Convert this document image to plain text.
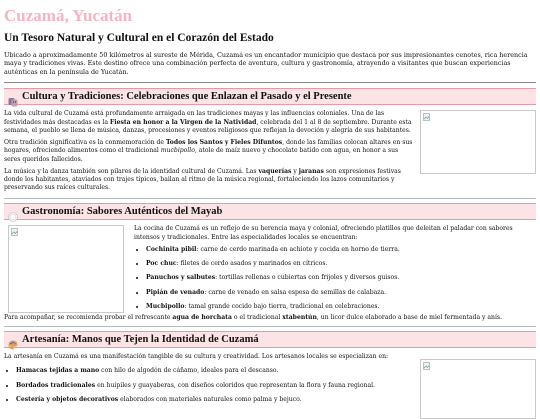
Cuzamá, Yucatán
Un Tesoro Natural y Cultural en el Corazón del Estado

Ubicado a aproximadamente 50 kilómetros al sureste de Mérida, Cuzamá es un encantador municipio que destaca por sus impresionantes cenotes, rica herencia maya y tradiciones vivas. Este destino ofrece una combinación perfecta de aventura, cultura y gastronomía, atrayendo a visitantes que buscan experiencias auténticas en la península de Yucatán.

Cultura y Tradiciones: Celebraciones que Enlazan el Pasado y el Presente

La vida cultural de Cuzamá está profundamente arraigada en las tradiciones mayas y las influencias coloniales. Una de las festividades más destacadas es la Fiesta en honor a la Virgen de la Natividad, celebrada del 1 al 8 de septiembre. Durante esta semana, el pueblo se llena de música, danzas, procesiones y eventos religiosos que reflejan la devoción y alegría de sus habitantes.

Otra tradición significativa es la conmemoración de Todos los Santos y Fieles Difuntos, donde las familias colocan altares en sus hogares, ofreciendo alimentos como el tradicional mucbipollo, atole de maíz nuevo y chocolate batido con agua, en honor a sus seres queridos fallecidos.

La música y la danza también son pilares de la identidad cultural de Cuzamá. Las vaquerías y jaranas son expresiones festivas donde los habitantes, ataviados con trajes típicos, bailan al ritmo de la música regional, fortaleciendo los lazos comunitarios y preservando sus raíces culturales.

Gastronomía: Sabores Auténticos del Mayab

La cocina de Cuzamá es un reflejo de su herencia maya y colonial, ofreciendo platillos que deleitan el paladar con sabores intensos y tradicionales. Entre las especialidades locales se encuentran:

• Cochinita pibil: carne de cerdo marinada en achiote y cocida en horno de tierra.
• Poc chuc: filetes de cerdo asados y marinados en cítricos.
• Panuchos y salbutes: tortillas rellenas o cubiertas con frijoles y diversos guisos.
• Pipián de venado: carne de venado en salsa espesa de semillas de calabaza.
• Mucbipollo: tamal grande cocido bajo tierra, tradicional en celebraciones.

Para acompañar, se recomienda probar el refrescante agua de horchata o el tradicional xtabentún, un licor dulce elaborado a base de miel fermentada y anís.

Artesanía: Manos que Tejen la Identidad de Cuzamá

La artesanía en Cuzamá es una manifestación tangible de su cultura y creatividad. Los artesanos locales se especializan en:

• Hamacas tejidas a mano con hilo de algodón de cáñamo, ideales para el descanso.
• Bordados tradicionales en huipiles y guayaberas, con diseños coloridos que representan la flora y fauna regional.
• Cestería y objetos decorativos elaborados con materiales naturales como palma y bejuco.
